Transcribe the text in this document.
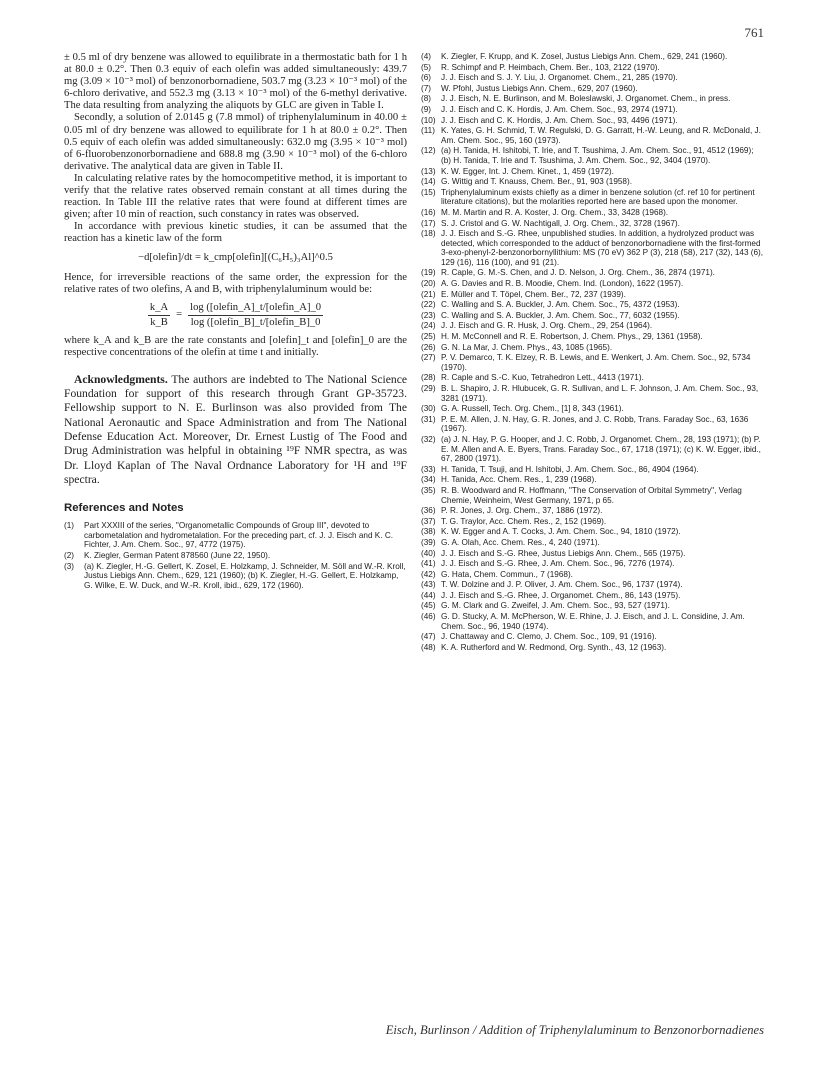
761

± 0.5 ml of dry benzene was allowed to equilibrate in a thermostatic bath for 1 h at 80.0 ± 0.2°. Then 0.3 equiv of each olefin was added simultaneously: 439.7 mg (3.09 × 10⁻³ mol) of benzonorbornadiene, 503.7 mg (3.23 × 10⁻³ mol) of the 6-chloro derivative, and 552.3 mg (3.13 × 10⁻³ mol) of the 6-methyl derivative. The data resulting from analyzing the aliquots by GLC are given in Table I.

Secondly, a solution of 2.0145 g (7.8 mmol) of triphenylaluminum in 40.00 ± 0.05 ml of dry benzene was allowed to equilibrate for 1 h at 80.0 ± 0.2°. Then 0.5 equiv of each olefin was added simultaneously: 632.0 mg (3.95 × 10⁻³ mol) of 6-fluorobenzonorbornadiene and 688.8 mg (3.90 × 10⁻³ mol) of the 6-chloro derivative. The analytical data are given in Table II.

In calculating relative rates by the homocompetitive method, it is important to verify that the relative rates observed remain constant at all times during the reaction. In Table III the relative rates that were found at different times are given; after 10 min of reaction, such constancy in rates was observed.

In accordance with previous kinetic studies, it can be assumed that the reaction has a kinetic law of the form

−d[olefin]/dt = k_cmp[olefin][(C₆H₅)₃Al]^0.5

Hence, for irreversible reactions of the same order, the expression for the relative rates of two olefins, A and B, with triphenylaluminum would be:

$\frac{k\_A}{k\_B} = \frac{\text{log ([olefin\_A]\_t/[olefin\_A]\_0}}{\text{log ([olefin\_B]\_t/[olefin\_B]\_0}}$

where k_A and k_B are the rate constants and [olefin]_t and [olefin]_0 are the respective concentrations of the olefin at time t and initially.

Acknowledgments. The authors are indebted to The National Science Foundation for support of this research through Grant GP-35723. Fellowship support to N. E. Burlinson was also provided from The National Aeronautic and Space Administration and from The National Defense Education Act. Moreover, Dr. Ernest Lustig of The Food and Drug Administration was helpful in obtaining ¹⁹F NMR spectra, as was Dr. Lloyd Kaplan of The Naval Ordnance Laboratory for ¹H and ¹⁹F spectra.

References and Notes
(1) Part XXXIII of the series, "Organometallic Compounds of Group III", devoted to carbometalation and hydrometalation. For the preceding part, cf. J. J. Eisch and K. C. Fichter, J. Am. Chem. Soc., 97, 4772 (1975).
(2) K. Ziegler, German Patent 878560 (June 22, 1950).
(3) (a) K. Ziegler, H.-G. Gellert, K. Zosel, E. Holzkamp, J. Schneider, M. Söll and W.-R. Kroll, Justus Liebigs Ann. Chem., 629, 121 (1960); (b) K. Ziegler, H.-G. Gellert, E. Holzkamp, G. Wilke, E. W. Duck, and W.-R. Kroll, ibid., 629, 172 (1960).
(4) K. Ziegler, F. Krupp, and K. Zosel, Justus Liebigs Ann. Chem., 629, 241 (1960).
(5) R. Schimpf and P. Heimbach, Chem. Ber., 103, 2122 (1970).
(6) J. J. Eisch and S. J. Y. Liu, J. Organomet. Chem., 21, 285 (1970).
(7) W. Pfohl, Justus Liebigs Ann. Chem., 629, 207 (1960).
(8) J. J. Eisch, N. E. Burlinson, and M. Boleslawski, J. Organomet. Chem., in press.
(9) J. J. Eisch and C. K. Hordis, J. Am. Chem. Soc., 93, 2974 (1971).
(10) J. J. Eisch and C. K. Hordis, J. Am. Chem. Soc., 93, 4496 (1971).
(11) K. Yates, G. H. Schmid, T. W. Regulski, D. G. Garratt, H.-W. Leung, and R. McDonald, J. Am. Chem. Soc., 95, 160 (1973).
(12) (a) H. Tanida, H. Ishitobi, T. Irie, and T. Tsushima, J. Am. Chem. Soc., 91, 4512 (1969); (b) H. Tanida, T. Irie and T. Tsushima, J. Am. Chem. Soc., 92, 3404 (1970).
(13) K. W. Egger, Int. J. Chem. Kinet., 1, 459 (1972).
(14) G. Wittig and T. Knauss, Chem. Ber., 91, 903 (1958).
(15) Triphenylaluminum exists chiefly as a dimer in benzene solution (cf. ref 10 for pertinent literature citations), but the molarities reported here are based upon the monomer.
(16) M. M. Martin and R. A. Koster, J. Org. Chem., 33, 3428 (1968).
(17) S. J. Cristol and G. W. Nachtigall, J. Org. Chem., 32, 3728 (1967).
(18) J. J. Eisch and S.-G. Rhee, unpublished studies. In addition, a hydrolyzed product was detected, which corresponded to the adduct of benzonorbornadiene with the first-formed 3-exo-phenyl-2-benzonorbornyllithium: MS (70 eV) 362 P (3), 218 (58), 217 (32), 143 (6), 129 (16), 116 (100), and 91 (21).
(19) R. Caple, G. M.-S. Chen, and J. D. Nelson, J. Org. Chem., 36, 2874 (1971).
(20) A. G. Davies and R. B. Moodie, Chem. Ind. (London), 1622 (1957).
(21) E. Müller and T. Töpel, Chem. Ber., 72, 237 (1939).
(22) C. Walling and S. A. Buckler, J. Am. Chem. Soc., 75, 4372 (1953).
(23) C. Walling and S. A. Buckler, J. Am. Chem. Soc., 77, 6032 (1955).
(24) J. J. Eisch and G. R. Husk, J. Org. Chem., 29, 254 (1964).
(25) H. M. McConnell and R. E. Robertson, J. Chem. Phys., 29, 1361 (1958).
(26) G. N. La Mar, J. Chem. Phys., 43, 1085 (1965).
(27) P. V. Demarco, T. K. Elzey, R. B. Lewis, and E. Wenkert, J. Am. Chem. Soc., 92, 5734 (1970).
(28) R. Caple and S.-C. Kuo, Tetrahedron Lett., 4413 (1971).
(29) B. L. Shapiro, J. R. Hlubucek, G. R. Sullivan, and L. F. Johnson, J. Am. Chem. Soc., 93, 3281 (1971).
(30) G. A. Russell, Tech. Org. Chem., [1] 8, 343 (1961).
(31) P. E. M. Allen, J. N. Hay, G. R. Jones, and J. C. Robb, Trans. Faraday Soc., 63, 1636 (1967).
(32) (a) J. N. Hay, P. G. Hooper, and J. C. Robb, J. Organomet. Chem., 28, 193 (1971); (b) P. E. M. Allen and A. E. Byers, Trans. Faraday Soc., 67, 1718 (1971); (c) K. W. Egger, ibid., 67, 2800 (1971).
(33) H. Tanida, T. Tsuji, and H. Ishitobi, J. Am. Chem. Soc., 86, 4904 (1964).
(34) H. Tanida, Acc. Chem. Res., 1, 239 (1968).
(35) R. B. Woodward and R. Hoffmann, "The Conservation of Orbital Symmetry", Verlag Chemie, Weinheim, West Germany, 1971, p 65.
(36) P. R. Jones, J. Org. Chem., 37, 1886 (1972).
(37) T. G. Traylor, Acc. Chem. Res., 2, 152 (1969).
(38) K. W. Egger and A. T. Cocks, J. Am. Chem. Soc., 94, 1810 (1972).
(39) G. A. Olah, Acc. Chem. Res., 4, 240 (1971).
(40) J. J. Eisch and S.-G. Rhee, Justus Liebigs Ann. Chem., 565 (1975).
(41) J. J. Eisch and S.-G. Rhee, J. Am. Chem. Soc., 96, 7276 (1974).
(42) G. Hata, Chem. Commun., 7 (1968).
(43) T. W. Dolzine and J. P. Oliver, J. Am. Chem. Soc., 96, 1737 (1974).
(44) J. J. Eisch and S.-G. Rhee, J. Organomet. Chem., 86, 143 (1975).
(45) G. M. Clark and G. Zweifel, J. Am. Chem. Soc., 93, 527 (1971).
(46) G. D. Stucky, A. M. McPherson, W. E. Rhine, J. J. Eisch, and J. L. Considine, J. Am. Chem. Soc., 96, 1940 (1974).
(47) J. Chattaway and C. Clemo, J. Chem. Soc., 109, 91 (1916).
(48) K. A. Rutherford and W. Redmond, Org. Synth., 43, 12 (1963).
Eisch, Burlinson / Addition of Triphenylaluminum to Benzonorbornadienes
